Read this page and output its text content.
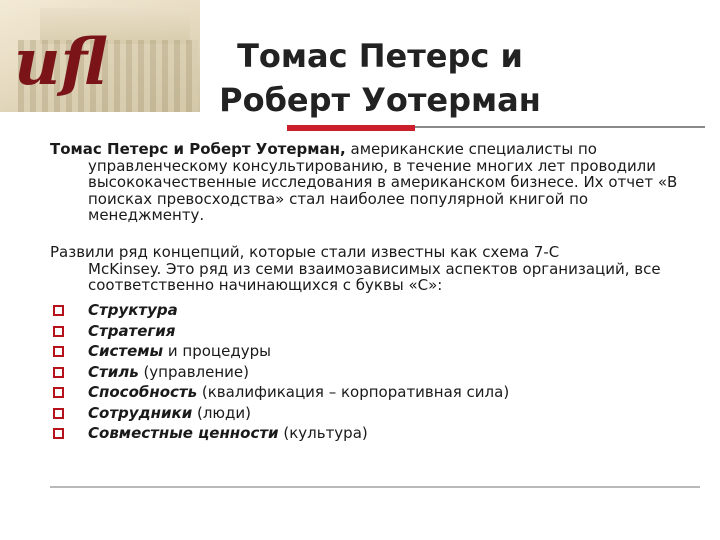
ufl	Томас Петерс и
Роберт Уотерман
Томас Петерс и Роберт Уотерман, американские специалисты по
управленческому консультированию, в течение многих лет проводили высококачественные исследования в американском бизнесе. Их отчет «В поисках превосходства» стал наиболее популярной книгой по менеджменту.
Развили ряд концепций, которые стали известны как схема 7-С
McKinsey. Это ряд из семи взаимозависимых аспектов организаций, все соответственно начинающихся с буквы «С»:
Структура
Стратегия
Системы и процедуры
Стиль (управление)
Способность (квалификация – корпоративная сила)
Сотрудники (люди)
Совместные ценности (культура)
